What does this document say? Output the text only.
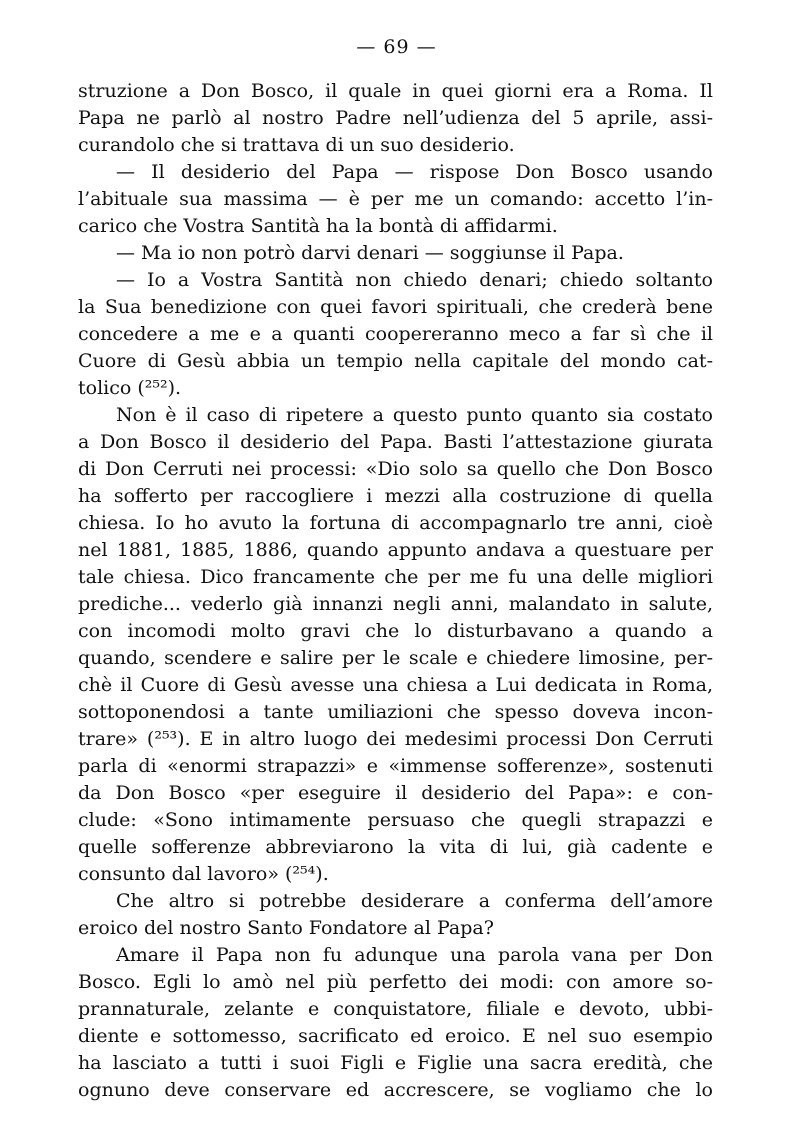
— 69 —
struzione a Don Bosco, il quale in quei giorni era a Roma. Il
Papa ne parlò al nostro Padre nell’udienza del 5 aprile, assi-
curandolo che si trattava di un suo desiderio.
— Il desiderio del Papa — rispose Don Bosco usando
l’abituale sua massima — è per me un comando: accetto l’in-
carico che Vostra Santità ha la bontà di affidarmi.
— Ma io non potrò darvi denari — soggiunse il Papa.
— Io a Vostra Santità non chiedo denari; chiedo soltanto
la Sua benedizione con quei favori spirituali, che crederà bene
concedere a me e a quanti coopereranno meco a far sì che il
Cuore di Gesù abbia un tempio nella capitale del mondo cat-
tolico (²⁵²).
Non è il caso di ripetere a questo punto quanto sia costato
a Don Bosco il desiderio del Papa. Basti l’attestazione giurata
di Don Cerruti nei processi: «Dio solo sa quello che Don Bosco
ha sofferto per raccogliere i mezzi alla costruzione di quella
chiesa. Io ho avuto la fortuna di accompagnarlo tre anni, cioè
nel 1881, 1885, 1886, quando appunto andava a questuare per
tale chiesa. Dico francamente che per me fu una delle migliori
prediche... vederlo già innanzi negli anni, malandato in salute,
con incomodi molto gravi che lo disturbavano a quando a
quando, scendere e salire per le scale e chiedere limosine, per-
chè il Cuore di Gesù avesse una chiesa a Lui dedicata in Roma,
sottoponendosi a tante umiliazioni che spesso doveva incon-
trare» (²⁵³). E in altro luogo dei medesimi processi Don Cerruti
parla di «enormi strapazzi» e «immense sofferenze», sostenuti
da Don Bosco «per eseguire il desiderio del Papa»: e con-
clude: «Sono intimamente persuaso che quegli strapazzi e
quelle sofferenze abbreviarono la vita di lui, già cadente e
consunto dal lavoro» (²⁵⁴).
Che altro si potrebbe desiderare a conferma dell’amore
eroico del nostro Santo Fondatore al Papa?
Amare il Papa non fu adunque una parola vana per Don
Bosco. Egli lo amò nel più perfetto dei modi: con amore so-
prannaturale, zelante e conquistatore, filiale e devoto, ubbi-
diente e sottomesso, sacrificato ed eroico. E nel suo esempio
ha lasciato a tutti i suoi Figli e Figlie una sacra eredità, che
ognuno deve conservare ed accrescere, se vogliamo che lo
